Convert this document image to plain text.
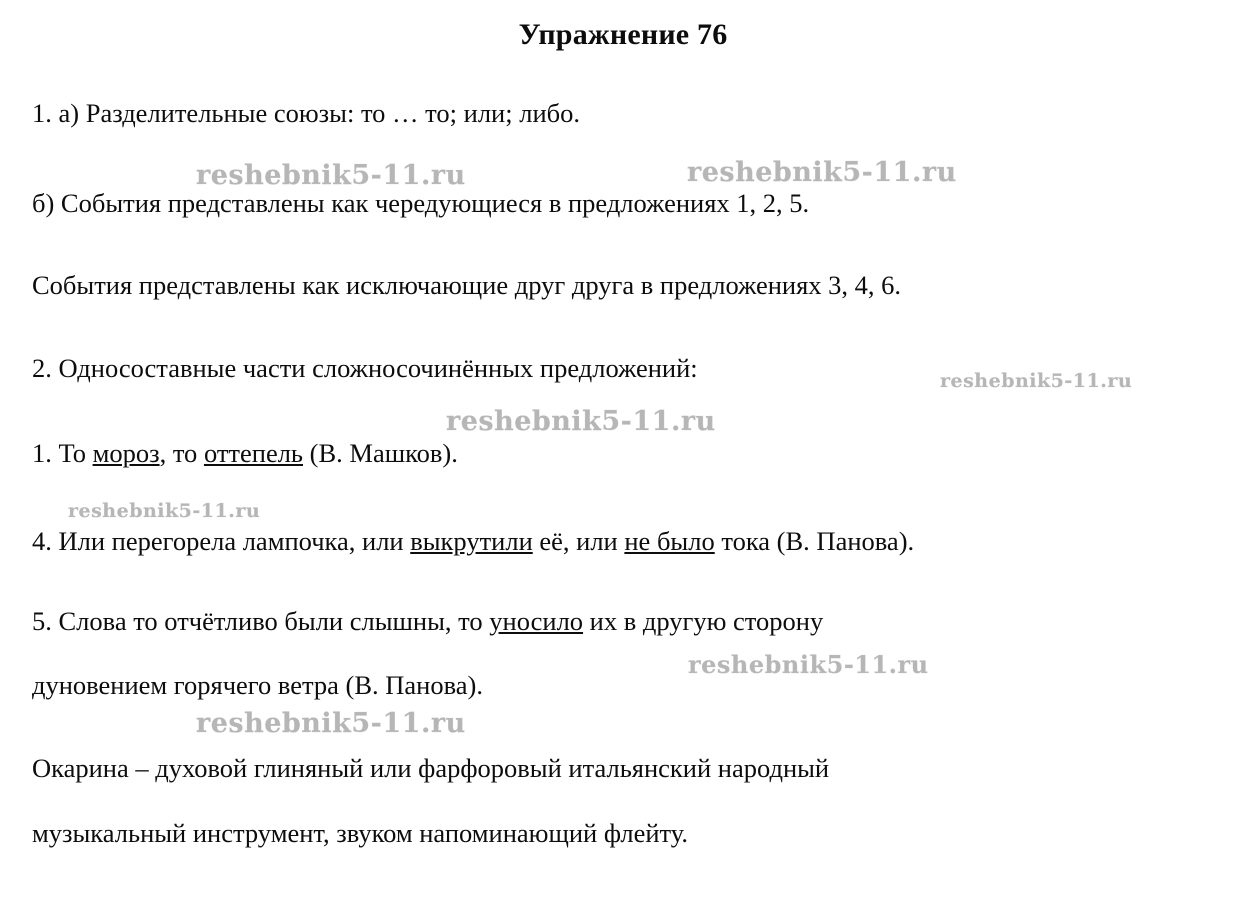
Упражнение 76
1. а) Разделительные союзы: то … то; или; либо.
б) События представлены как чередующиеся в предложениях 1, 2, 5.
События представлены как исключающие друг друга в предложениях 3, 4, 6.
2. Односоставные части сложносочинённых предложений:
1. То мороз, то оттепель (В. Машков).
4. Или перегорела лампочка, или выкрутили её, или не было тока (В. Панова).
5. Слова то отчётливо были слышны, то уносило их в другую сторону
дуновением горячего ветра (В. Панова).
Окарина – духовой глиняный или фарфоровый итальянский народный
музыкальный инструмент, звуком напоминающий флейту.
reshebnik5-11.ru	reshebnik5-11.ru
reshebnik5-11.ru
reshebnik5-11.ru
reshebnik5-11.ru
reshebnik5-11.ru
reshebnik5-11.ru
